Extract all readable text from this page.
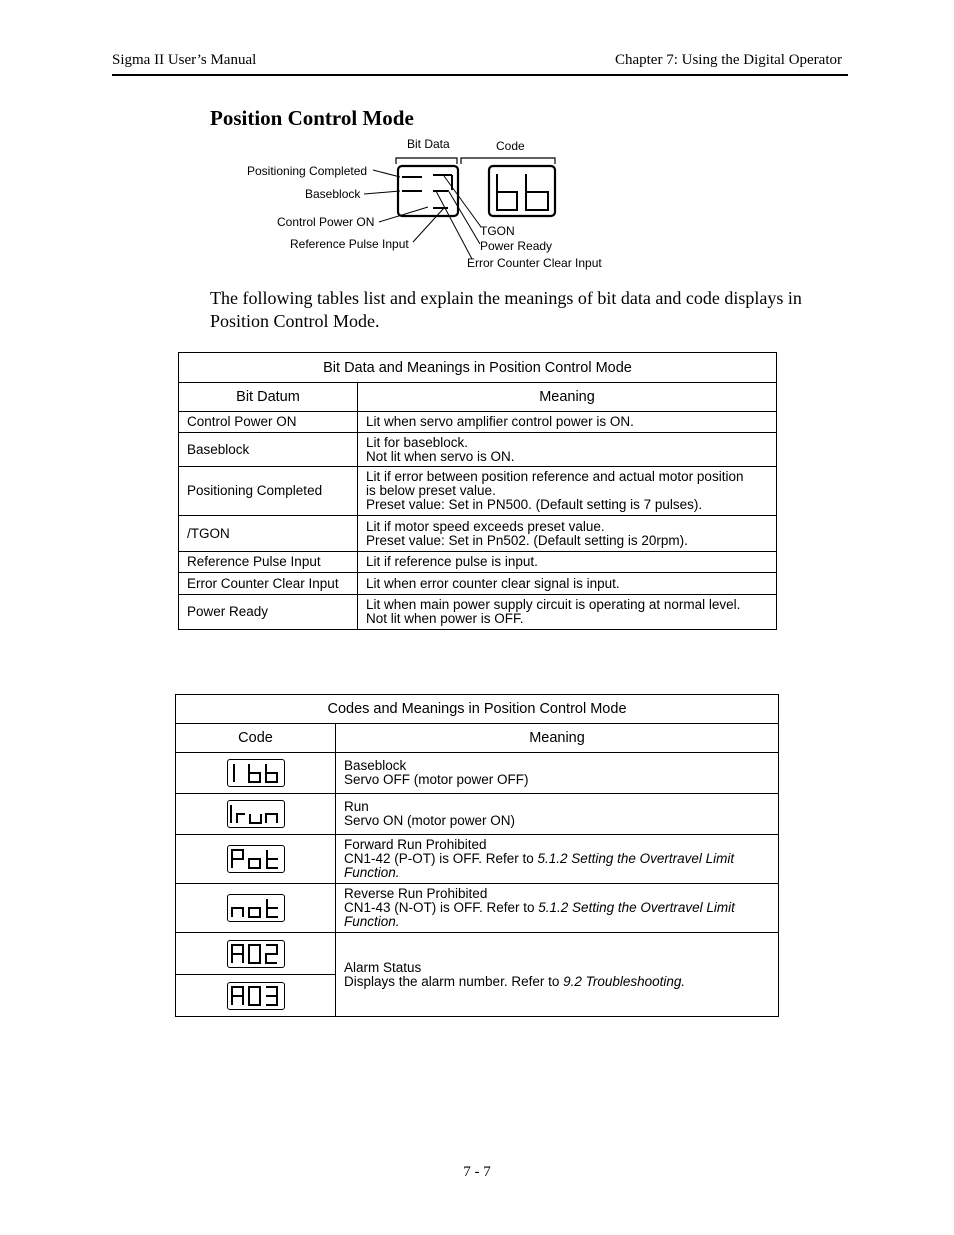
Sigma II User’s Manual	Chapter 7: Using the Digital Operator
Position Control Mode
Bit Data	Code
Positioning Completed
Baseblock
Control Power ON
Reference Pulse Input
TGON
Power Ready
Error Counter Clear Input
The following tables list and explain the meanings of bit data and code displays in Position Control Mode.
Bit Data and Meanings in Position Control Mode	
Bit Datum	Meaning
Control Power ON	Lit when servo amplifier control power is ON.

Baseblock	Lit for baseblock.
Not lit when servo is ON.

Positioning Completed	Lit if error between position reference and actual motor position
is below preset value.
Preset value: Set in PN500. (Default setting is 7 pulses).

/TGON	Lit if motor speed exceeds preset value.
Preset value: Set in Pn502. (Default setting is 20rpm).

Reference Pulse Input	Lit if reference pulse is input.

Error Counter Clear Input	Lit when error counter clear signal is input.

Power Ready	Lit when main power supply circuit is operating at normal level.
Not lit when power is OFF.
Codes and Meanings in Position Control Mode	
Code	Meaning

Baseblock
Servo OFF (motor power OFF)

Run
Servo ON (motor power ON)

Forward Run Prohibited
CN1-42 (P-OT) is OFF. Refer to 5.1.2 Setting the Overtravel Limit
Function.

Reverse Run Prohibited
CN1-43 (N-OT) is OFF. Refer to 5.1.2 Setting the Overtravel Limit
Function.

Alarm Status
Displays the alarm number. Refer to 9.2 Troubleshooting.

7 - 7
